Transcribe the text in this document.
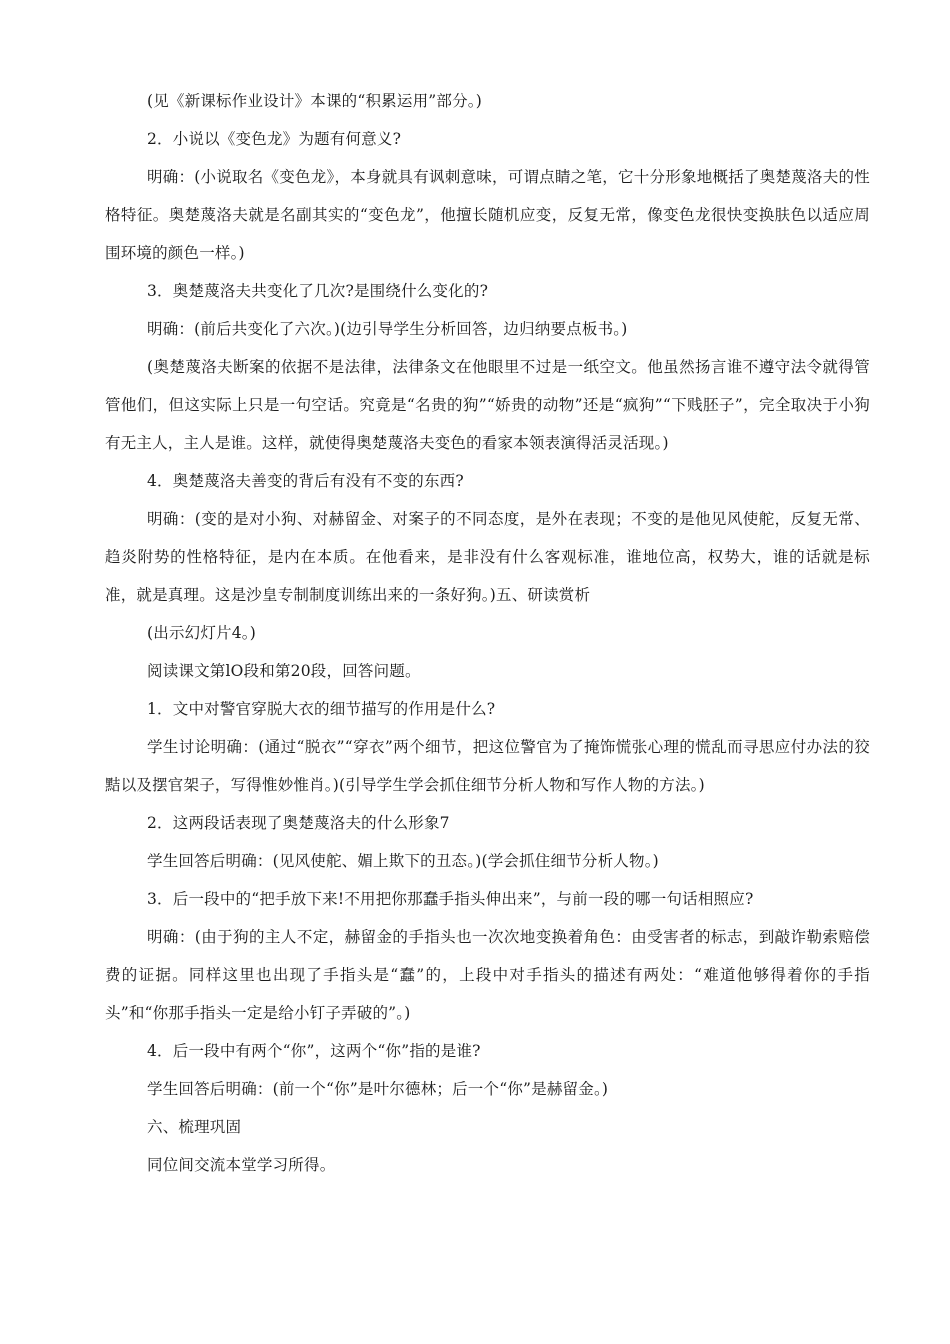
(见《新课标作业设计》本课的“积累运用”部分。)

2．小说以《变色龙》为题有何意义?

明确：(小说取名《变色龙》，本身就具有讽刺意味，可谓点睛之笔，它十分形象地概括了奥楚蔑洛夫的性格特征。奥楚蔑洛夫就是名副其实的“变色龙”，他擅长随机应变，反复无常，像变色龙很快变换肤色以适应周围环境的颜色一样。)

3．奥楚蔑洛夫共变化了几次?是围绕什么变化的?

明确：(前后共变化了六次。)(边引导学生分析回答，边归纳要点板书。)

(奥楚蔑洛夫断案的依据不是法律，法律条文在他眼里不过是一纸空文。他虽然扬言谁不遵守法令就得管管他们，但这实际上只是一句空话。究竟是“名贵的狗”“娇贵的动物”还是“疯狗”“下贱胚子”，完全取决于小狗有无主人，主人是谁。这样，就使得奥楚蔑洛夫变色的看家本领表演得活灵活现。)

4．奥楚蔑洛夫善变的背后有没有不变的东西?

明确：(变的是对小狗、对赫留金、对案子的不同态度，是外在表现；不变的是他见风使舵，反复无常、趋炎附势的性格特征，是内在本质。在他看来，是非没有什么客观标准，谁地位高，权势大，谁的话就是标准，就是真理。这是沙皇专制制度训练出来的一条好狗。)五、研读赏析

(出示幻灯片4。)

阅读课文第lO段和第20段，回答问题。

1．文中对警官穿脱大衣的细节描写的作用是什么?

学生讨论明确：(通过“脱衣”“穿衣”两个细节，把这位警官为了掩饰慌张心理的慌乱而寻思应付办法的狡黠以及摆官架子，写得惟妙惟肖。)(引导学生学会抓住细节分析人物和写作人物的方法。)

2．这两段话表现了奥楚蔑洛夫的什么形象7

学生回答后明确：(见风使舵、媚上欺下的丑态。)(学会抓住细节分析人物。)

3．后一段中的“把手放下来!不用把你那蠢手指头伸出来”，与前一段的哪一句话相照应?

明确：(由于狗的主人不定，赫留金的手指头也一次次地变换着角色：由受害者的标志，到敲诈勒索赔偿费的证据。同样这里也出现了手指头是“蠢”的，上段中对手指头的描述有两处：“难道他够得着你的手指头”和“你那手指头一定是给小钉子弄破的”。)

4．后一段中有两个“你”，这两个“你”指的是谁?

学生回答后明确：(前一个“你”是叶尔德林；后一个“你”是赫留金。)

六、梳理巩固

同位间交流本堂学习所得。
